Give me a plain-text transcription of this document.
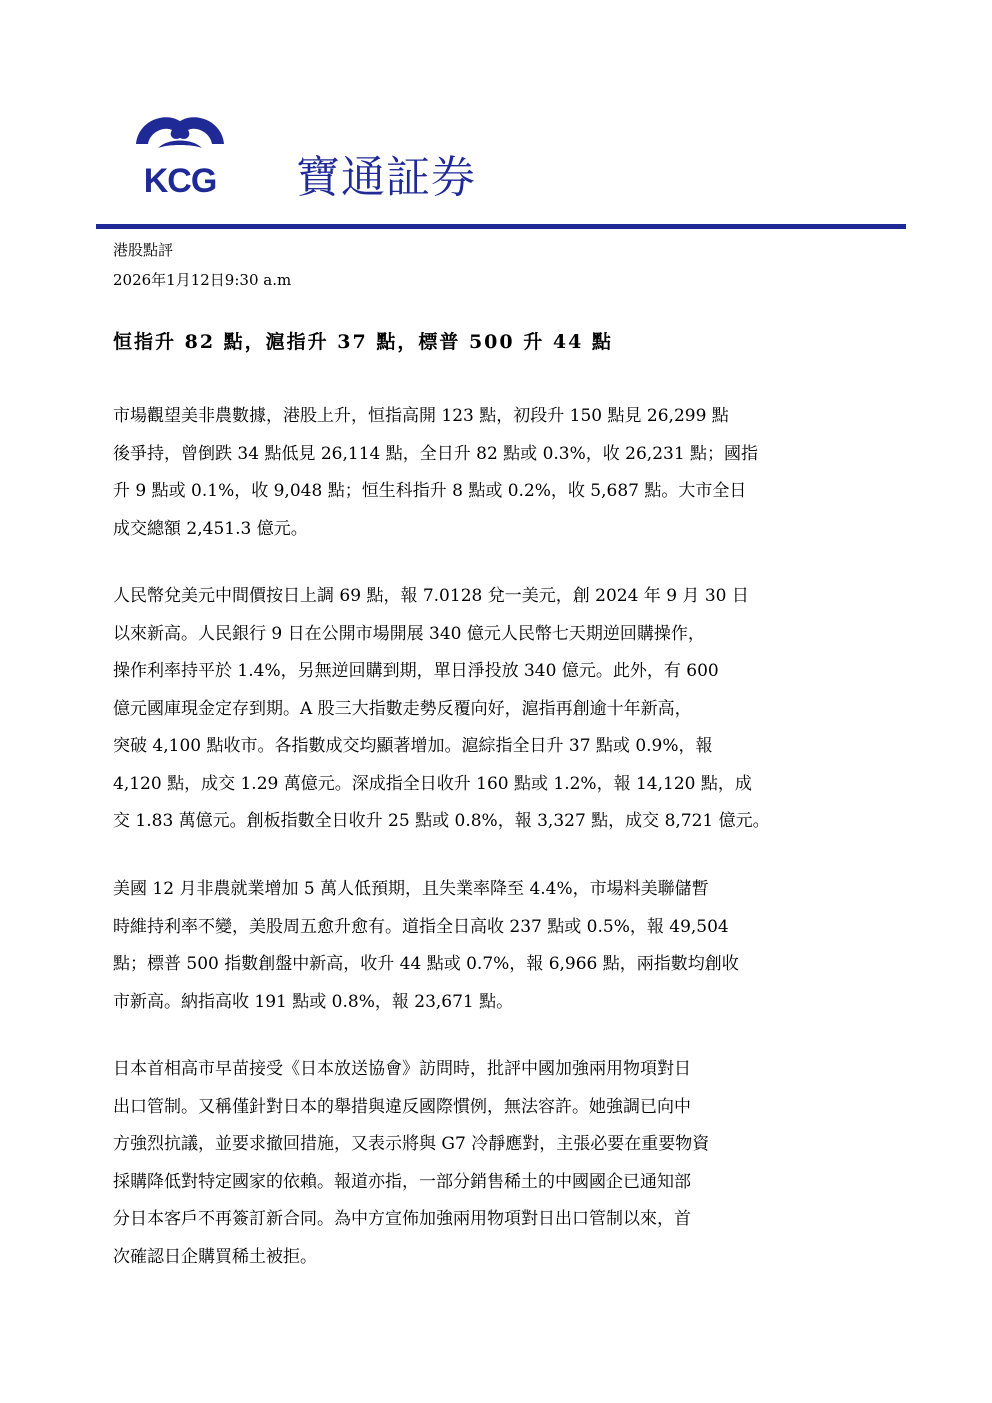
KCG 寶通証券
港股點評
2026年1月12日9:30 a.m
恒指升 82 點，滬指升 37 點，標普 500 升 44 點
市場觀望美非農數據，港股上升，恒指高開 123 點，初段升 150 點見 26,299 點
後爭持，曾倒跌 34 點低見 26,114 點，全日升 82 點或 0.3%，收 26,231 點；國指
升 9 點或 0.1%，收 9,048 點；恒生科指升 8 點或 0.2%，收 5,687 點。大市全日
成交總額 2,451.3 億元。
人民幣兌美元中間價按日上調 69 點，報 7.0128 兌一美元，創 2024 年 9 月 30 日
以來新高。人民銀行 9 日在公開市場開展 340 億元人民幣七天期逆回購操作，
操作利率持平於 1.4%，另無逆回購到期，單日淨投放 340 億元。此外，有 600
億元國庫現金定存到期。A 股三大指數走勢反覆向好，滬指再創逾十年新高，
突破 4,100 點收市。各指數成交均顯著增加。滬綜指全日升 37 點或 0.9%，報
4,120 點，成交 1.29 萬億元。深成指全日收升 160 點或 1.2%，報 14,120 點，成
交 1.83 萬億元。創板指數全日收升 25 點或 0.8%，報 3,327 點，成交 8,721 億元。
美國 12 月非農就業增加 5 萬人低預期，且失業率降至 4.4%，市場料美聯儲暫
時維持利率不變，美股周五愈升愈有。道指全日高收 237 點或 0.5%，報 49,504
點；標普 500 指數創盤中新高，收升 44 點或 0.7%，報 6,966 點，兩指數均創收
市新高。納指高收 191 點或 0.8%，報 23,671 點。
日本首相高市早苗接受《日本放送協會》訪問時，批評中國加強兩用物項對日
出口管制。又稱僅針對日本的舉措與違反國際慣例，無法容許。她強調已向中
方強烈抗議，並要求撤回措施，又表示將與 G7 冷靜應對，主張必要在重要物資
採購降低對特定國家的依賴。報道亦指，一部分銷售稀土的中國國企已通知部
分日本客戶不再簽訂新合同。為中方宣佈加強兩用物項對日出口管制以來，首
次確認日企購買稀土被拒。
